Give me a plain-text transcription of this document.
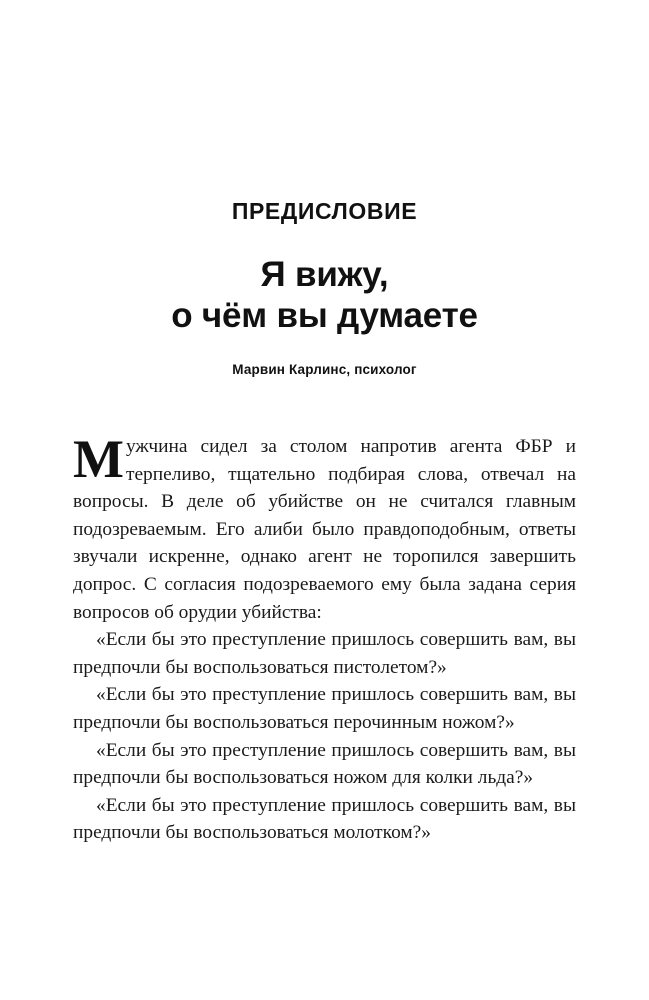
ПРЕДИСЛОВИЕ

Я вижу,
о чём вы думаете

Марвин Карлинс, психолог

Мужчина сидел за столом напротив агента ФБР и терпеливо, тщательно подбирая слова, отвечал на вопросы. В деле об убийстве он не считался главным подозреваемым. Его алиби было правдоподобным, ответы звучали искренне, однако агент не торопился завершить допрос. С согласия подозреваемого ему была задана серия вопросов об орудии убийства:

«Если бы это преступление пришлось совершить вам, вы предпочли бы воспользоваться пистолетом?»

«Если бы это преступление пришлось совершить вам, вы предпочли бы воспользоваться перочинным ножом?»

«Если бы это преступление пришлось совершить вам, вы предпочли бы воспользоваться ножом для колки льда?»

«Если бы это преступление пришлось совершить вам, вы предпочли бы воспользоваться молотком?»
